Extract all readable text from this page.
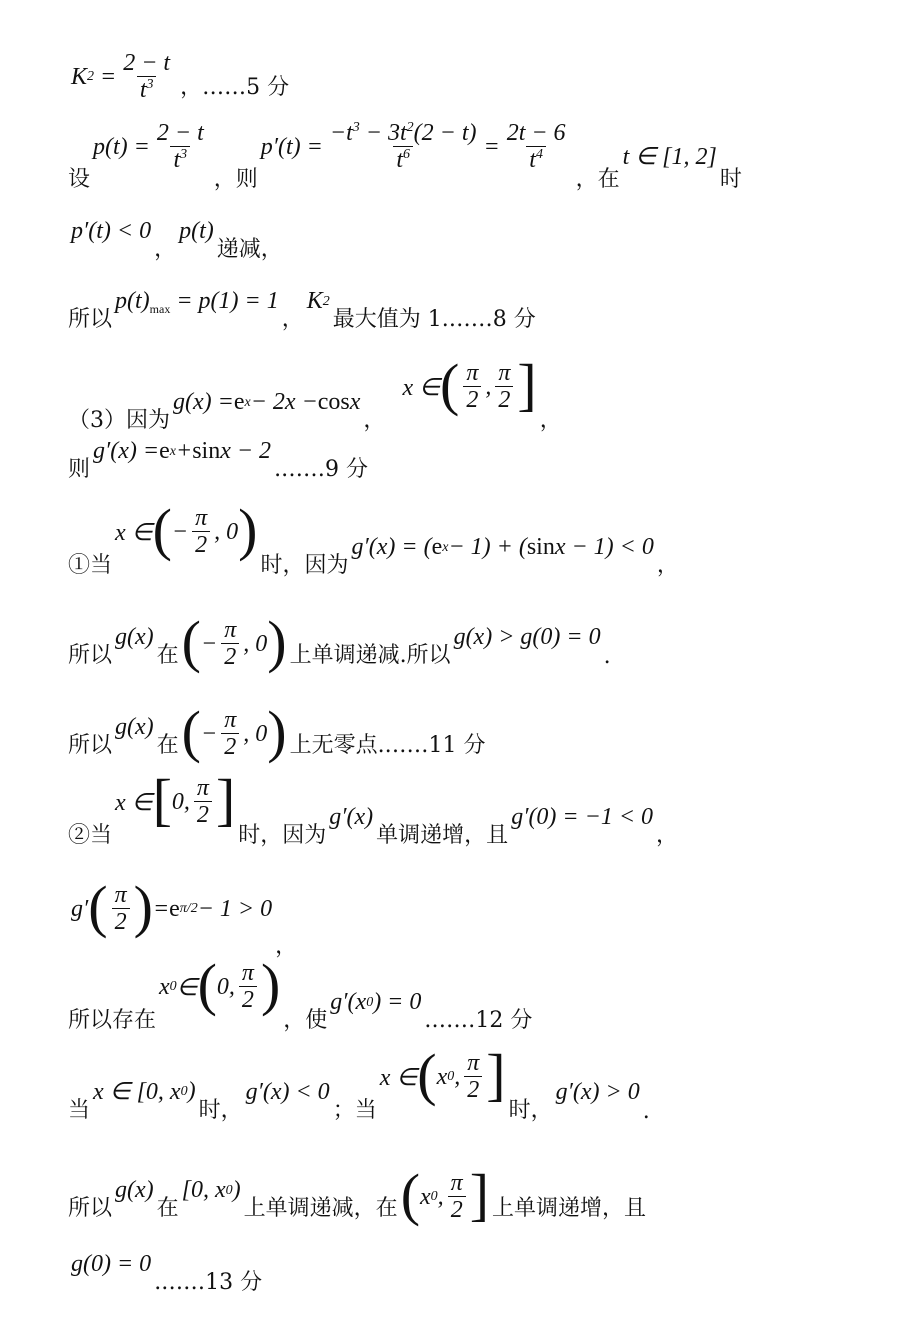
K $2 = \frac{2 - t}{t^3}$ ，……5 分
设
$p(t) = \frac{2 - t}{t^3}$
，则
$p'(t) = \frac{-t^3 - 3t^2(2 - t)}{t^6} = \frac{2t - 6}{t^4}$
，在
t ∈ [1, 2]
时
p′(t) < 0
，
p(t)
递减，
所以
p(t) max = p(1) = 1
，
K 2
最大值为 1.……8 分
（3）因为
g(x) = e x − 2x − cos x
，
x ∈ ( $\frac{\pi}{2}$ , $\frac{\pi}{2}$ ]
，
则
g′(x) = e x + sin x − 2
.……9 分
①当
x ∈ ( − $\frac{\pi}{2}$ , 0 )
时，因为
g′(x) = ( e x − 1) + ( sin x − 1) < 0
，
所以
g(x)
在 ( − $\frac{\pi}{2}$ , 0 ) 上单调递减.所以
g(x) > g(0) = 0
.
所以
g(x)
在 ( − $\frac{\pi}{2}$ , 0 ) 上无零点.……11 分
②当
x ∈ [ 0, $\frac{\pi}{2}$ ]
时，因为
g′(x)
单调递增，且
g′(0) = −1 < 0
，
g′ ( $\frac{\pi}{2}$ ) = e π/2 − 1 > 0
，
所以存在
x 0 ∈ ( 0, $\frac{\pi}{2}$ )
，使
g′(x 0 ) = 0
.……12 分
当
x ∈ [0, x 0 )
时，
g′(x) < 0
；当
x ∈ ( x 0 , $\frac{\pi}{2}$ ]
时，
g′(x) > 0
.
所以
g(x)
在
[0, x 0 )
上单调递减，在 ( x 0 , $\frac{\pi}{2}$ ] 上单调递增，且
g(0) = 0
.……13 分
